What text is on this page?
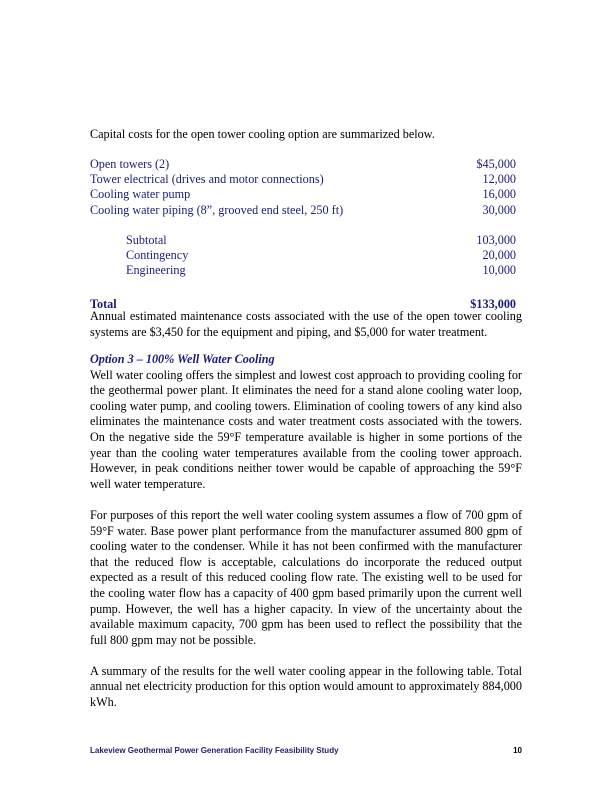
Capital costs for the open tower cooling option are summarized below.

Open towers (2)	$45,000
Tower electrical (drives and motor connections)	12,000
Cooling water pump	16,000
Cooling water piping (8”, grooved end steel, 250 ft)	30,000

Subtotal	103,000
Contingency	20,000
Engineering	10,000

Total	$133,000

Annual estimated maintenance costs associated with the use of the open tower cooling systems are $3,450 for the equipment and piping, and $5,000 for water treatment.

Option 3 – 100% Well Water Cooling

Well water cooling offers the simplest and lowest cost approach to providing cooling for the geothermal power plant. It eliminates the need for a stand alone cooling water loop, cooling water pump, and cooling towers. Elimination of cooling towers of any kind also eliminates the maintenance costs and water treatment costs associated with the towers. On the negative side the 59°F temperature available is higher in some portions of the year than the cooling water temperatures available from the cooling tower approach. However, in peak conditions neither tower would be capable of approaching the 59°F well water temperature.

For purposes of this report the well water cooling system assumes a flow of 700 gpm of 59°F water. Base power plant performance from the manufacturer assumed 800 gpm of cooling water to the condenser. While it has not been confirmed with the manufacturer that the reduced flow is acceptable, calculations do incorporate the reduced output expected as a result of this reduced cooling flow rate. The existing well to be used for the cooling water flow has a capacity of 400 gpm based primarily upon the current well pump. However, the well has a higher capacity. In view of the uncertainty about the available maximum capacity, 700 gpm has been used to reflect the possibility that the full 800 gpm may not be possible.

A summary of the results for the well water cooling appear in the following table. Total annual net electricity production for this option would amount to approximately 884,000 kWh.

Lakeview Geothermal Power Generation Facility Feasibility Study	10
